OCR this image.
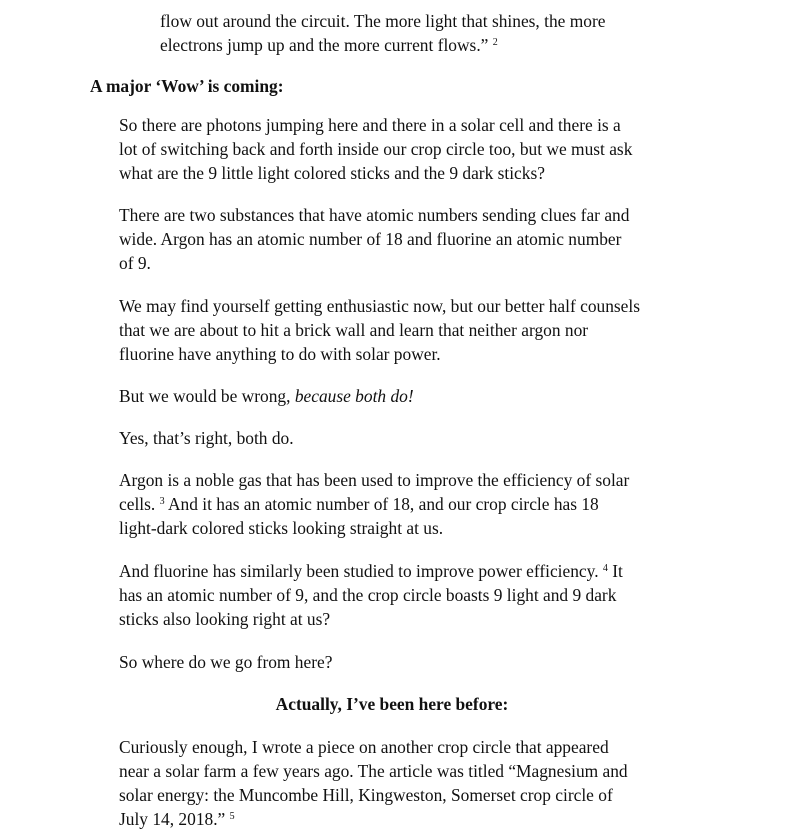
flow out around the circuit. The more light that shines, the more
electrons jump up and the more current flows.” $^2$
A major ‘Wow’ is coming:
So there are photons jumping here and there in a solar cell and there is a
lot of switching back and forth inside our crop circle too, but we must ask
what are the 9 little light colored sticks and the 9 dark sticks?
There are two substances that have atomic numbers sending clues far and
wide. Argon has an atomic number of 18 and fluorine an atomic number
of 9.
We may find yourself getting enthusiastic now, but our better half counsels
that we are about to hit a brick wall and learn that neither argon nor
fluorine have anything to do with solar power.
But we would be wrong, because both do!
Yes, that’s right, both do.
Argon is a noble gas that has been used to improve the efficiency of solar
cells. $^3$ And it has an atomic number of 18, and our crop circle has 18
light-dark colored sticks looking straight at us.
And fluorine has similarly been studied to improve power efficiency. $^4$ It
has an atomic number of 9, and the crop circle boasts 9 light and 9 dark
sticks also looking right at us?
So where do we go from here?
Actually, I’ve been here before:
Curiously enough, I wrote a piece on another crop circle that appeared
near a solar farm a few years ago. The article was titled “Magnesium and
solar energy: the Muncombe Hill, Kingweston, Somerset crop circle of
July 14, 2018.” $^5$
